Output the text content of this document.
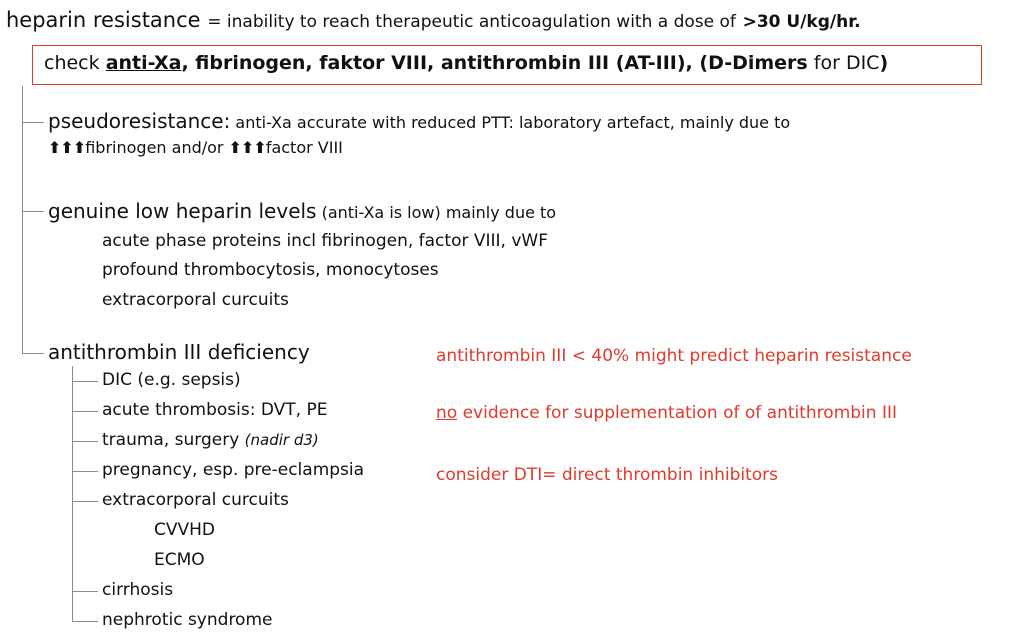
heparin resistance = inability to reach therapeutic anticoagulation with a dose of >30 U/kg/hr.
check anti-Xa, fibrinogen, faktor VIII, antithrombin III (AT-III), (D-Dimers for DIC)
pseudoresistance: anti-Xa accurate with reduced PTT: laboratory artefact, mainly due to
⬆⬆⬆fibrinogen and/or ⬆⬆⬆factor VIII
genuine low heparin levels (anti-Xa is low) mainly due to
acute phase proteins incl fibrinogen, factor VIII, vWF
profound thrombocytosis, monocytoses
extracorporal curcuits
antithrombin III deficiency
DIC (e.g. sepsis)
acute thrombosis: DVT, PE
trauma, surgery (nadir d3)
pregnancy, esp. pre-eclampsia
extracorporal curcuits
CVVHD
ECMO
cirrhosis
nephrotic syndrome
antithrombin III < 40% might predict heparin resistance
no evidence for supplementation of of antithrombin III
consider DTI= direct thrombin inhibitors
